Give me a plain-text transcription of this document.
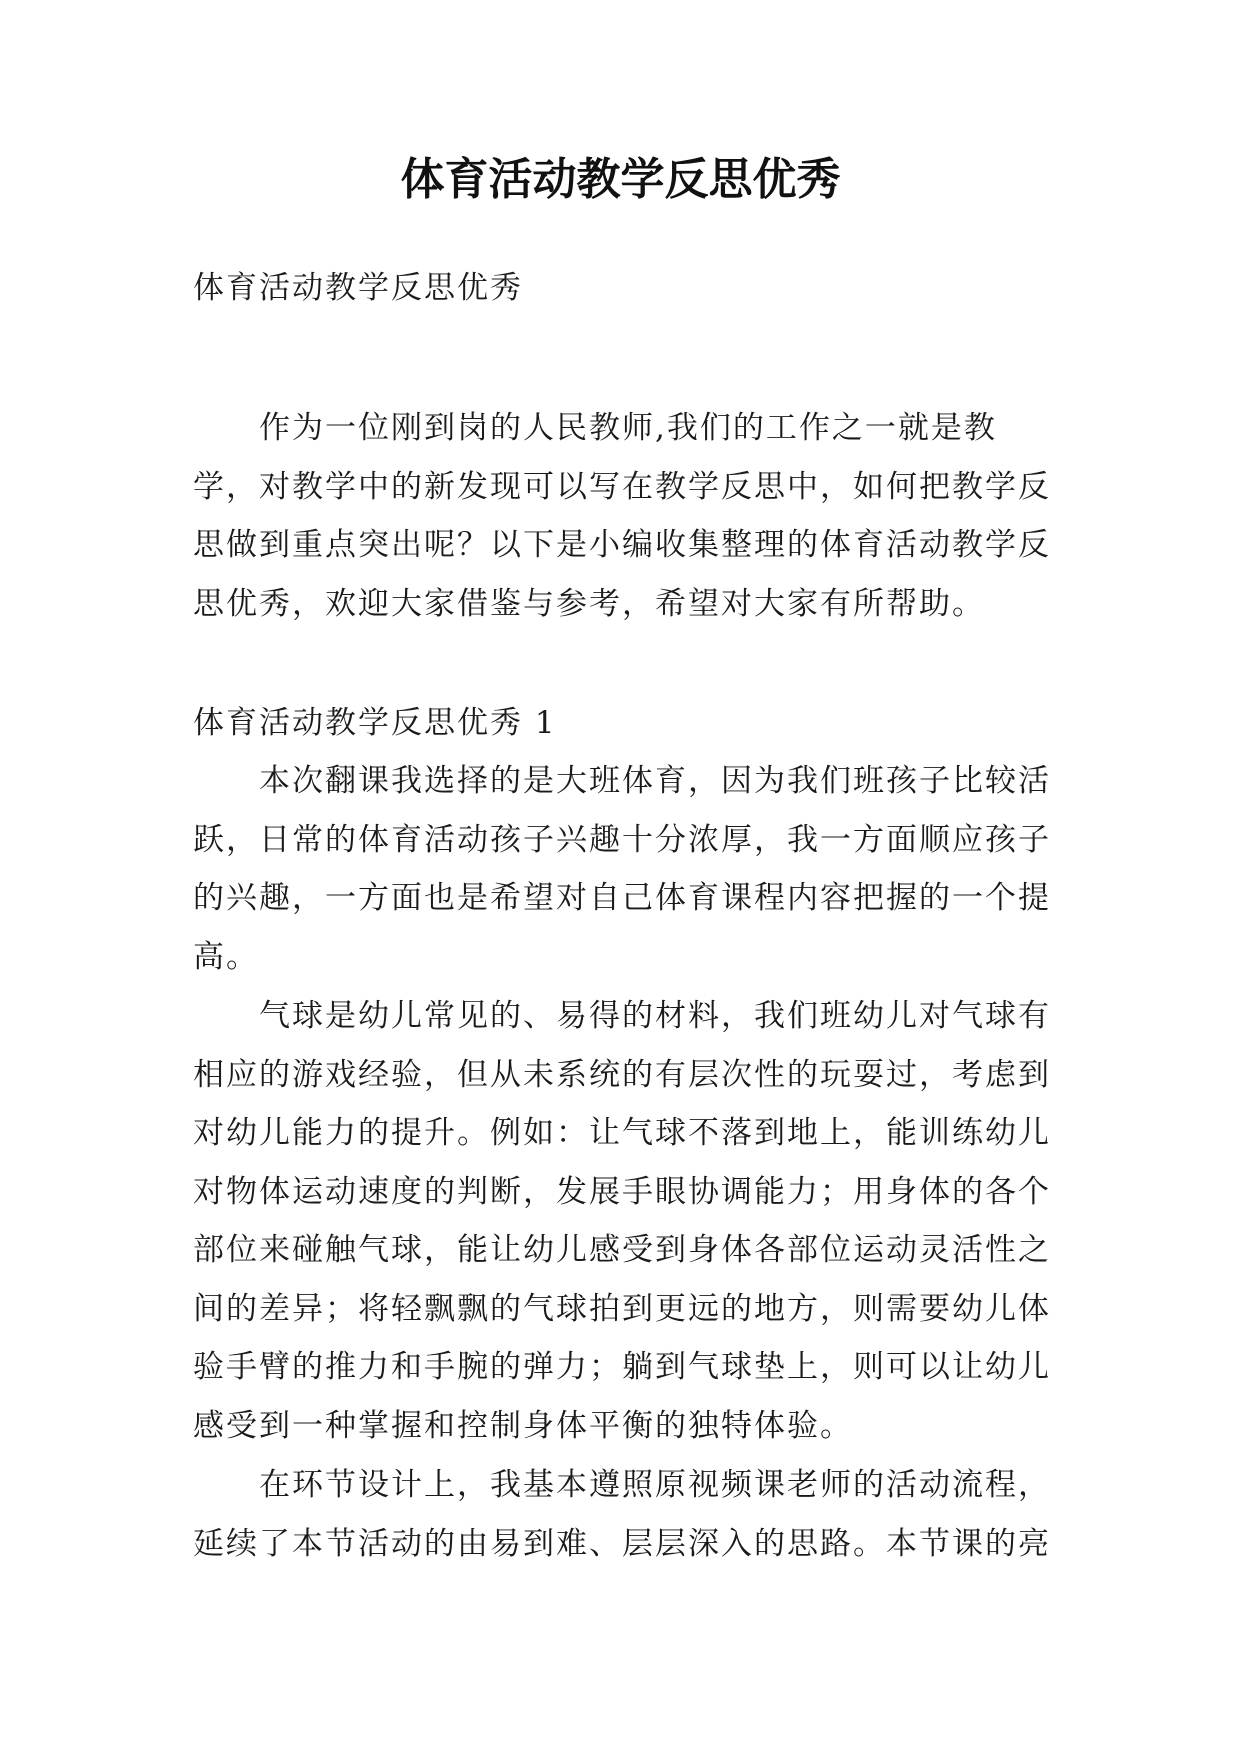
体育活动教学反思优秀

体育活动教学反思优秀

作为一位刚到岗的人民教师,我们的工作之一就是教学，对教学中的新发现可以写在教学反思中，如何把教学反思做到重点突出呢？以下是小编收集整理的体育活动教学反思优秀，欢迎大家借鉴与参考，希望对大家有所帮助。

体育活动教学反思优秀 1

本次翻课我选择的是大班体育，因为我们班孩子比较活跃，日常的体育活动孩子兴趣十分浓厚，我一方面顺应孩子的兴趣，一方面也是希望对自己体育课程内容把握的一个提高。

气球是幼儿常见的、易得的材料，我们班幼儿对气球有相应的游戏经验，但从未系统的有层次性的玩耍过，考虑到对幼儿能力的提升。例如：让气球不落到地上，能训练幼儿对物体运动速度的判断，发展手眼协调能力；用身体的各个部位来碰触气球，能让幼儿感受到身体各部位运动灵活性之间的差异；将轻飘飘的气球拍到更远的地方，则需要幼儿体验手臂的推力和手腕的弹力；躺到气球垫上，则可以让幼儿感受到一种掌握和控制身体平衡的独特体验。

在环节设计上，我基本遵照原视频课老师的活动流程，延续了本节活动的由易到难、层层深入的思路。本节课的亮
